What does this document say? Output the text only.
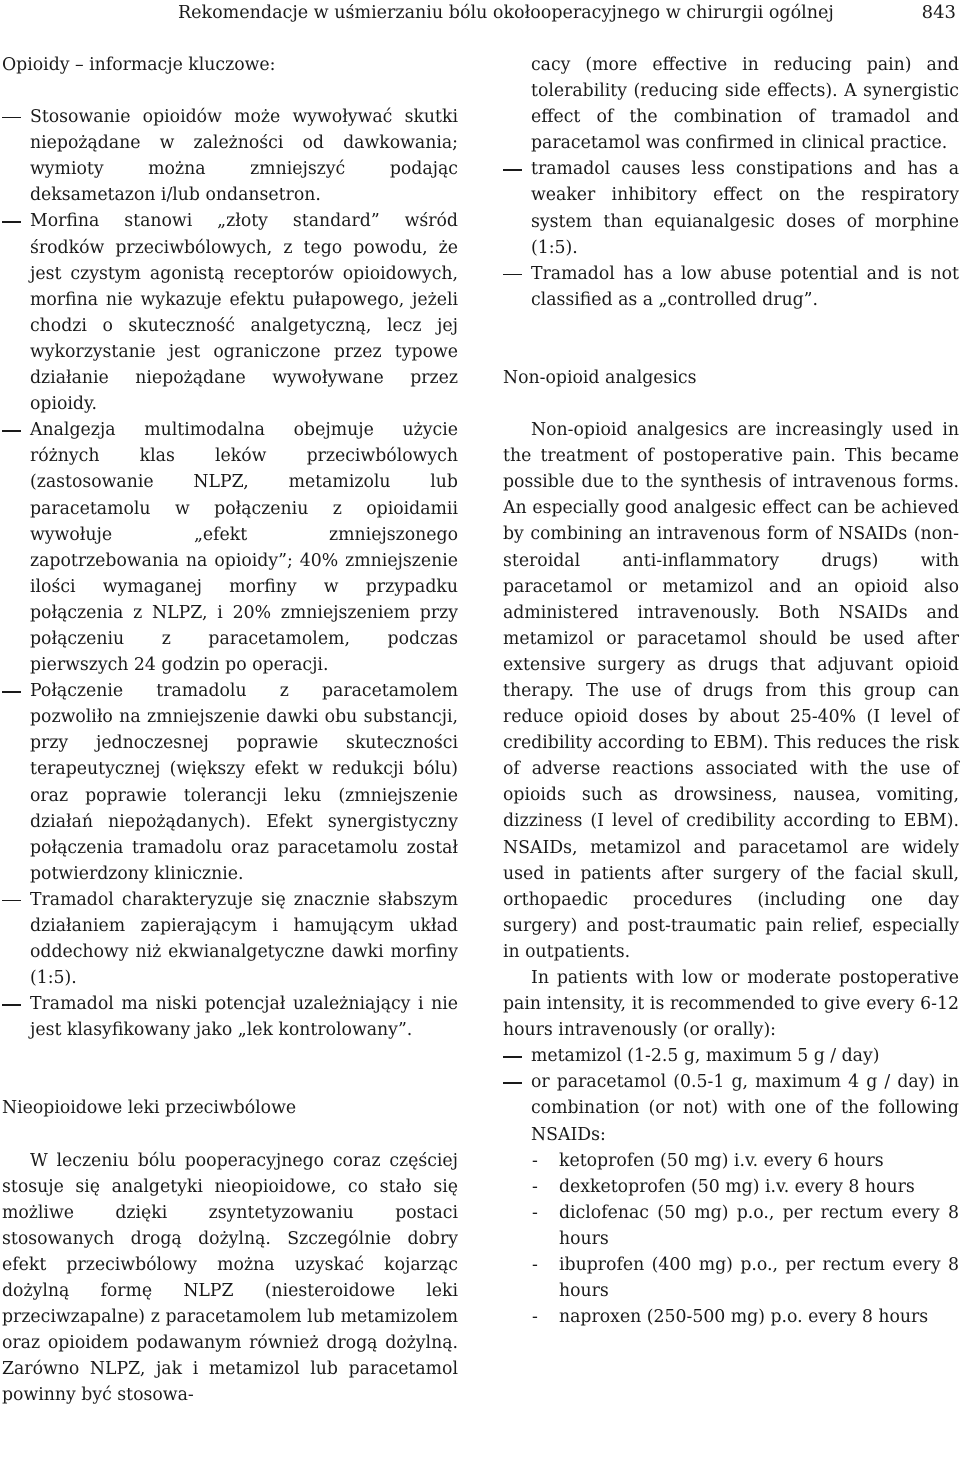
Rekomendacje w uśmierzaniu bólu okołooperacyjnego w chirurgii ogólnej	843

Opioidy – informacje kluczowe:

Stosowanie opioidów może wywoływać skutki niepożądane w zależności od dawkowania; wymioty można zmniejszyć podając deksametazon i/lub ondansetron.

Morfina stanowi „złoty standard” wśród środków przeciwbólowych, z tego powodu, że jest czystym agonistą receptorów opioidowych, morfina nie wykazuje efektu pułapowego, jeżeli chodzi o skuteczność analgetyczną, lecz jej wykorzystanie jest ograniczone przez typowe działanie niepożądane wywoływane przez opioidy.

Analgezja multimodalna obejmuje użycie różnych klas leków przeciwbólowych (zastosowanie NLPZ, metamizolu lub paracetamolu w połączeniu z opioidamii wywołuje „efekt zmniejszonego zapotrzebowania na opioidy”; 40% zmniejszenie ilości wymaganej morfiny w przypadku połączenia z NLPZ, i 20% zmniejszeniem przy połączeniu z paracetamolem, podczas pierwszych 24 godzin po operacji.

Połączenie tramadolu z paracetamolem pozwoliło na zmniejszenie dawki obu substancji, przy jednoczesnej poprawie skuteczności terapeutycznej (większy efekt w redukcji bólu) oraz poprawie tolerancji leku (zmniejszenie działań niepożądanych). Efekt synergistyczny połączenia tramadolu oraz paracetamolu został potwierdzony klinicznie.

Tramadol charakteryzuje się znacznie słabszym działaniem zapierającym i hamującym układ oddechowy niż ekwianalgetyczne dawki morfiny (1:5).

Tramadol ma niski potencjał uzależniający i nie jest klasyfikowany jako „lek kontrolowany”.

Nieopioidowe leki przeciwbólowe

W leczeniu bólu pooperacyjnego coraz częściej stosuje się analgetyki nieopioidowe, co stało się możliwe dzięki zsyntetyzowaniu postaci stosowanych drogą dożylną. Szczególnie dobry efekt przeciwbólowy można uzyskać kojarząc dożylną formę NLPZ (niesteroidowe leki przeciwzapalne) z paracetamolem lub metamizolem oraz opioidem podawanym również drogą dożylną. Zarówno NLPZ, jak i metamizol lub paracetamol powinny być stosowa-

cacy (more effective in reducing pain) and tolerability (reducing side effects). A synergistic effect of the combination of tramadol and paracetamol was confirmed in clinical practice.

tramadol causes less constipations and has a weaker inhibitory effect on the respiratory system than equianalgesic doses of morphine (1:5).

Tramadol has a low abuse potential and is not classified as a „controlled drug”.

Non-opioid analgesics

Non-opioid analgesics are increasingly used in the treatment of postoperative pain. This became possible due to the synthesis of intravenous forms. An especially good analgesic effect can be achieved by combining an intravenous form of NSAIDs (non-steroidal anti-inflammatory drugs) with paracetamol or metamizol and an opioid also administered intravenously. Both NSAIDs and metamizol or paracetamol should be used after extensive surgery as drugs that adjuvant opioid therapy. The use of drugs from this group can reduce opioid doses by about 25-40% (I level of credibility according to EBM). This reduces the risk of adverse reactions associated with the use of opioids such as drowsiness, nausea, vomiting, dizziness (I level of credibility according to EBM). NSAIDs, metamizol and paracetamol are widely used in patients after surgery of the facial skull, orthopaedic procedures (including one day surgery) and post-traumatic pain relief, especially in outpatients.

In patients with low or moderate postoperative pain intensity, it is recommended to give every 6-12 hours intravenously (or orally):

metamizol (1-2.5 g, maximum 5 g / day)

or paracetamol (0.5-1 g, maximum 4 g / day) in combination (or not) with one of the following NSAIDs:

- ketoprofen (50 mg) i.v. every 6 hours

- dexketoprofen (50 mg) i.v. every 8 hours

- diclofenac (50 mg) p.o., per rectum every 8 hours

- ibuprofen (400 mg) p.o., per rectum every 8 hours

- naproxen (250-500 mg) p.o. every 8 hours
